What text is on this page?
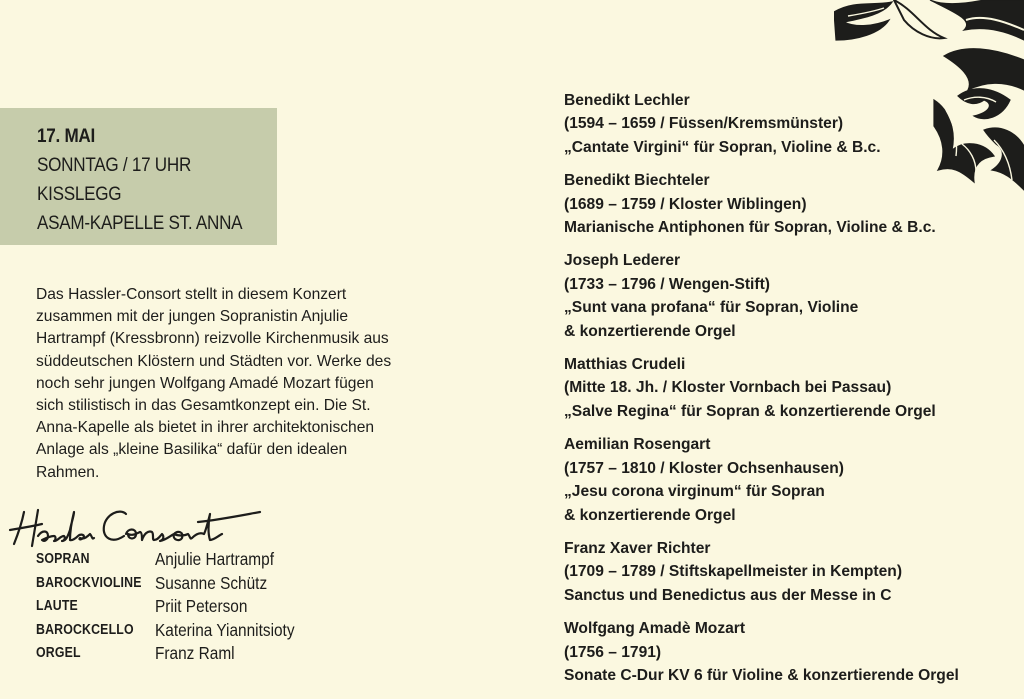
17. MAI
SONNTAG / 17 UHR
KISSLEGG
ASAM-KAPELLE ST. ANNA
Das Hassler-Consort stellt in diesem Konzert
zusammen mit der jungen Sopranistin Anjulie
Hartrampf (Kressbronn) reizvolle Kirchenmusik aus
süddeutschen Klöstern und Städten vor. Werke des
noch sehr jungen Wolfgang Amadé Mozart fügen
sich stilistisch in das Gesamtkonzept ein. Die St.
Anna-Kapelle als bietet in ihrer architektonischen
Anlage als „kleine Basilika“ dafür den idealen
Rahmen.
SOPRAN	Anjulie Hartrampf
BAROCKVIOLINE Susanne Schütz
LAUTE	Priit Peterson
BAROCKCELLO Katerina Yiannitsioty
ORGEL	Franz Raml
Benedikt Lechler
(1594 – 1659 / Füssen/Kremsmünster)
„Cantate Virgini“ für Sopran, Violine & B.c.
Benedikt Biechteler
(1689 – 1759 / Kloster Wiblingen)
Marianische Antiphonen für Sopran, Violine & B.c.
Joseph Lederer
(1733 – 1796 / Wengen-Stift)
„Sunt vana profana“ für Sopran, Violine
& konzertierende Orgel
Matthias Crudeli
(Mitte 18. Jh. / Kloster Vornbach bei Passau)
„Salve Regina“ für Sopran & konzertierende Orgel
Aemilian Rosengart
(1757 – 1810 / Kloster Ochsenhausen)
„Jesu corona virginum“ für Sopran
& konzertierende Orgel
Franz Xaver Richter
(1709 – 1789 / Stiftskapellmeister in Kempten)
Sanctus und Benedictus aus der Messe in C
Wolfgang Amadè Mozart
(1756 – 1791)
Sonate C-Dur KV 6 für Violine & konzertierende Orgel
